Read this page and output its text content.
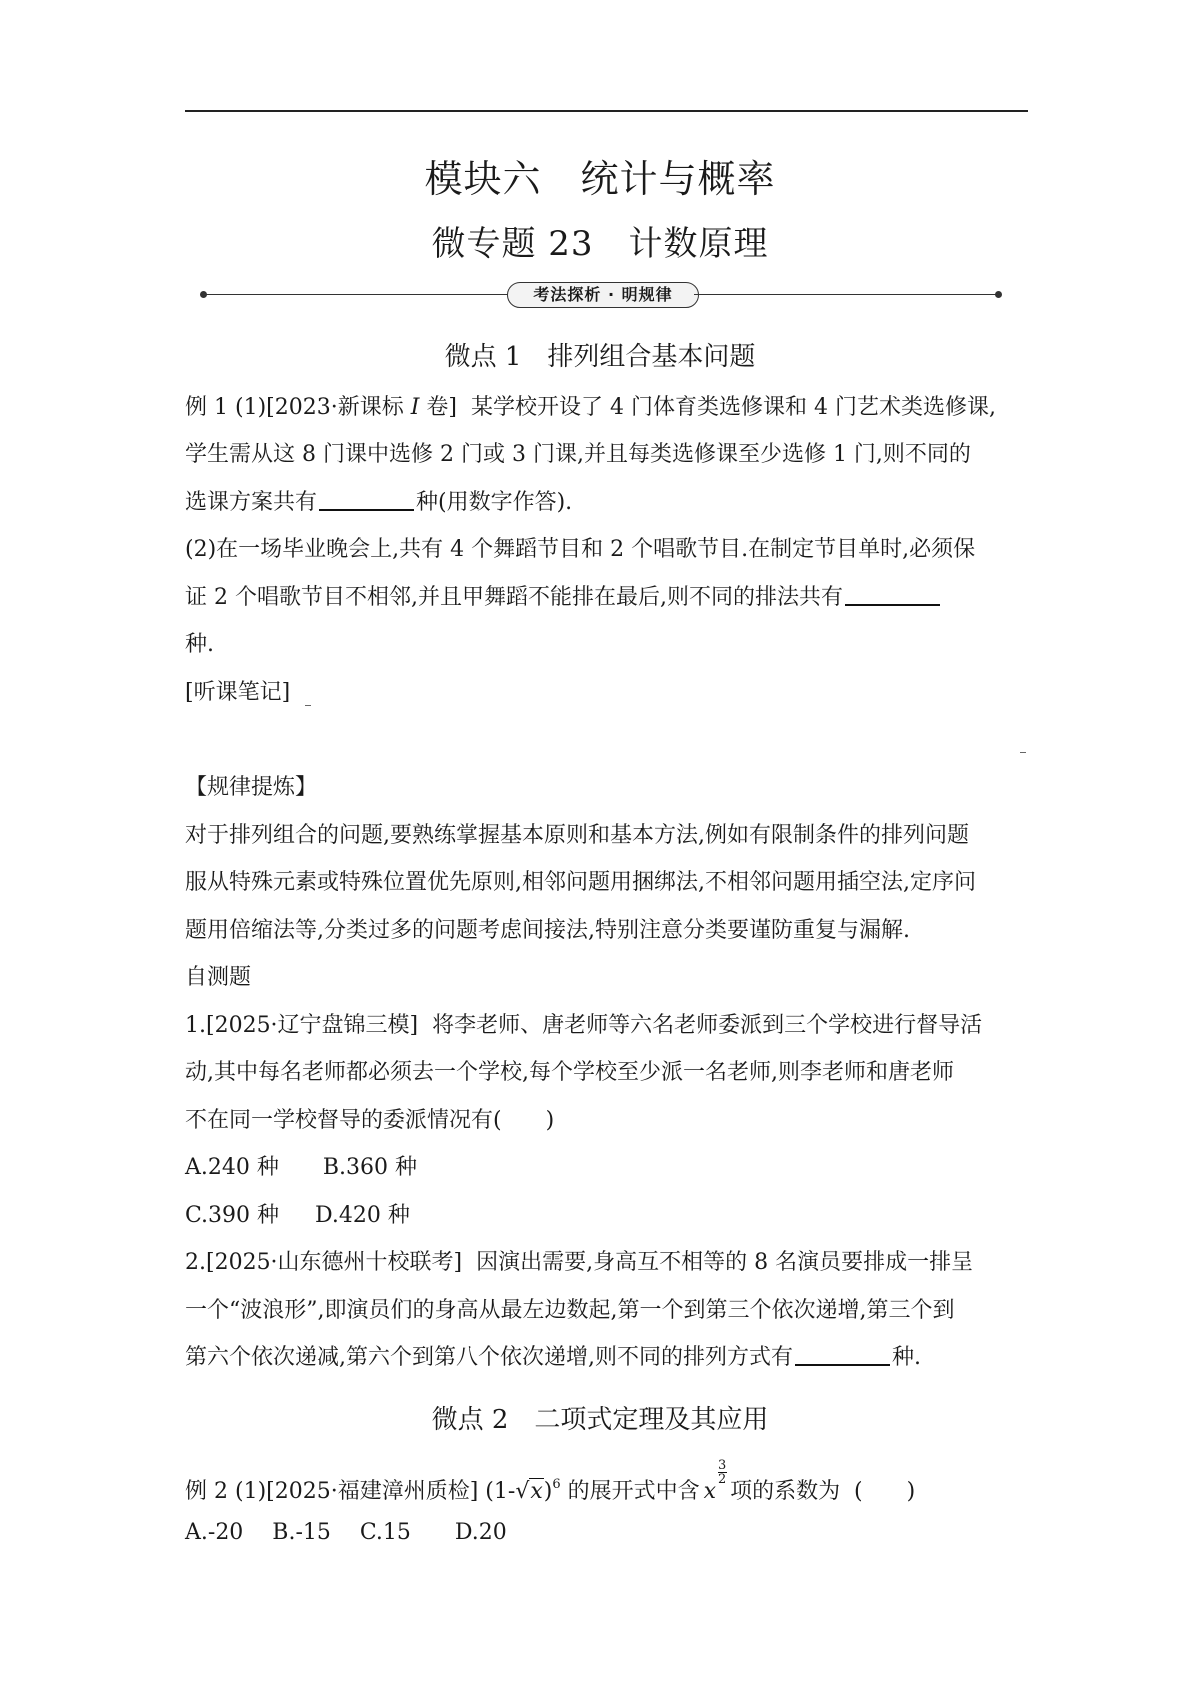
模块六　统计与概率
微专题 23　计数原理
考法探析 · 明规律
微点 1　排列组合基本问题
例 1 (1)[2023·新课标 I 卷]  某学校开设了 4 门体育类选修课和 4 门艺术类选修课,
学生需从这 8 门课中选修 2 门或 3 门课,并且每类选修课至少选修 1 门,则不同的
选课方案共有	种(用数字作答).
(2)在一场毕业晚会上,共有 4 个舞蹈节目和 2 个唱歌节目.在制定节目单时,必须保
证 2 个唱歌节目不相邻,并且甲舞蹈不能排在最后,则不同的排法共有
种.
[听课笔记]
【规律提炼】
对于排列组合的问题,要熟练掌握基本原则和基本方法,例如有限制条件的排列问题
服从特殊元素或特殊位置优先原则,相邻问题用捆绑法,不相邻问题用插空法,定序问
题用倍缩法等,分类过多的问题考虑间接法,特别注意分类要谨防重复与漏解.
自测题
1.[2025·辽宁盘锦三模]  将李老师、唐老师等六名老师委派到三个学校进行督导活
动,其中每名老师都必须去一个学校,每个学校至少派一名老师,则李老师和唐老师
不在同一学校督导的委派情况有(　　)
A.240 种 B.360 种
C.390 种 D.420 种
2.[2025·山东德州十校联考]  因演出需要,身高互不相等的 8 名演员要排成一排呈
一个“波浪形”,即演员们的身高从最左边数起,第一个到第三个依次递增,第三个到
第六个依次递减,第六个到第八个依次递增,则不同的排列方式有	种.
微点 2　二项式定理及其应用
例 2 (1)[2025·福建漳州质检] $(1-√x)^6$ 的展开式中含 x
3
2 项的系数为  (　　)
A.-20　 B.-15　 C.15　　D.20
